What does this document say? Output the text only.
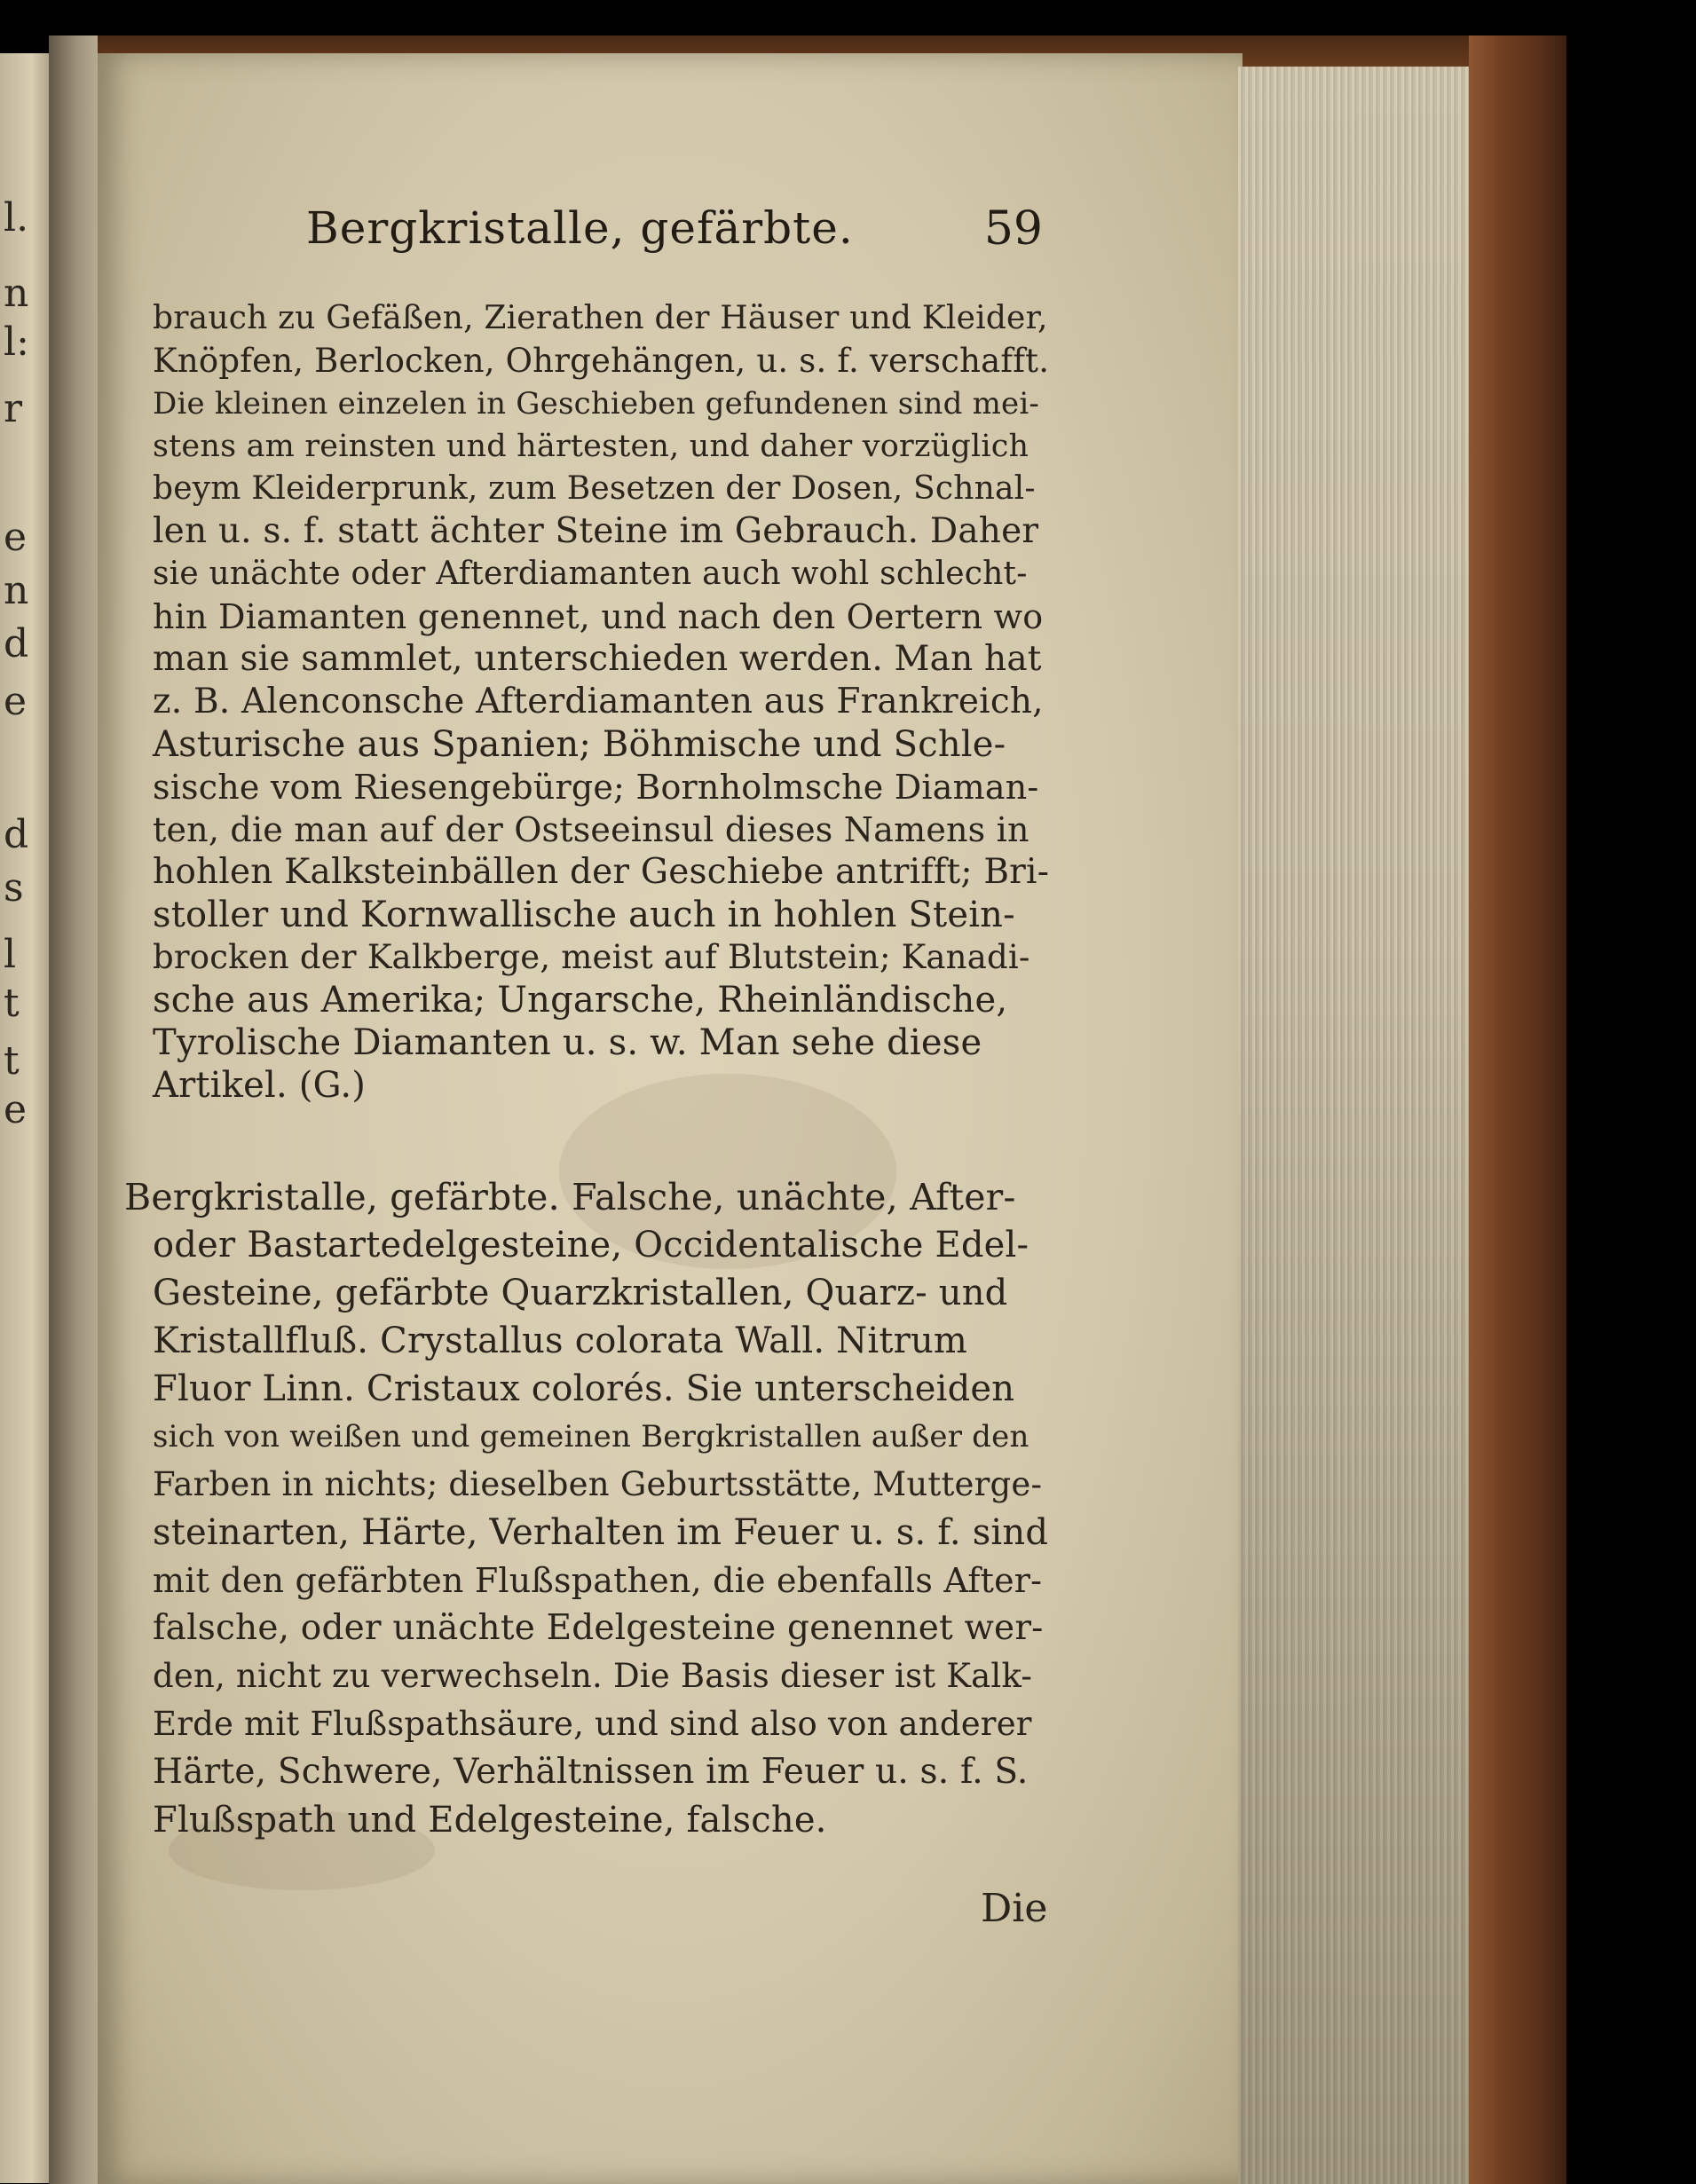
l.
n
l:
r
e
n
d
e
d
s
l
t
t
e
Bergkristalle, gefärbte.	59
brauch zu Gefäßen, Zierathen der Häuser und Kleider,
Knöpfen, Berlocken, Ohrgehängen, u. s. f. verschafft.
Die kleinen einzelen in Geschieben gefundenen sind mei-
stens am reinsten und härtesten, und daher vorzüglich
beym Kleiderprunk, zum Besetzen der Dosen, Schnal-
len u. s. f. statt ächter Steine im Gebrauch. Daher
sie unächte oder Afterdiamanten auch wohl schlecht-
hin Diamanten genennet, und nach den Oertern wo
man sie sammlet, unterschieden werden. Man hat
z. B. Alenconsche Afterdiamanten aus Frankreich,
Asturische aus Spanien; Böhmische und Schle-
sische vom Riesengebürge; Bornholmsche Diaman-
ten, die man auf der Ostseeinsul dieses Namens in
hohlen Kalksteinbällen der Geschiebe antrifft; Bri-
stoller und Kornwallische auch in hohlen Stein-
brocken der Kalkberge, meist auf Blutstein; Kanadi-
sche aus Amerika; Ungarsche, Rheinländische,
Tyrolische Diamanten u. s. w. Man sehe diese
Artikel. (G.)
Bergkristalle, gefärbte. Falsche, unächte, After-
oder Bastartedelgesteine, Occidentalische Edel-
Gesteine, gefärbte Quarzkristallen, Quarz- und
Kristallfluß. Crystallus colorata Wall. Nitrum
Fluor Linn. Cristaux colorés. Sie unterscheiden
sich von weißen und gemeinen Bergkristallen außer den
Farben in nichts; dieselben Geburtsstätte, Mutterge-
steinarten, Härte, Verhalten im Feuer u. s. f. sind
mit den gefärbten Flußspathen, die ebenfalls After-
falsche, oder unächte Edelgesteine genennet wer-
den, nicht zu verwechseln. Die Basis dieser ist Kalk-
Erde mit Flußspathsäure, und sind also von anderer
Härte, Schwere, Verhältnissen im Feuer u. s. f. S.
Flußspath und Edelgesteine, falsche.
Die
